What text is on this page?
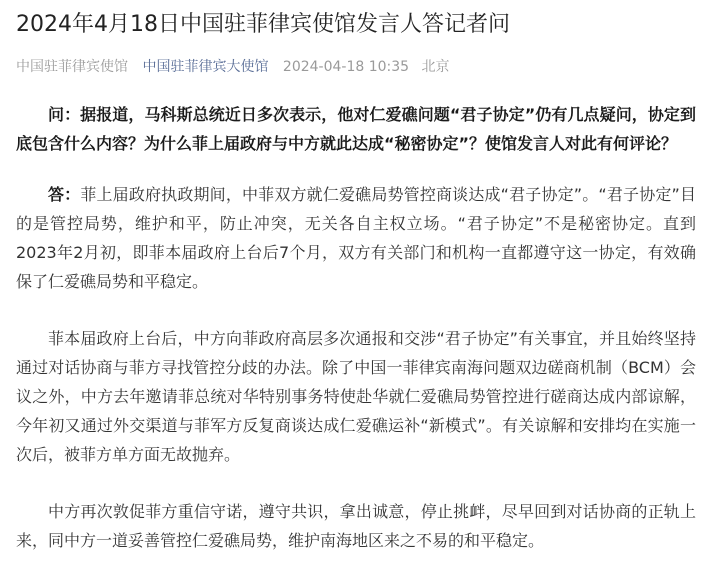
2024年4月18日中国驻菲律宾使馆发言人答记者问
中国驻菲律宾使馆 中国驻菲律宾大使馆 2024-04-18 10:35 北京

问：据报道，马科斯总统近日多次表示，他对仁爱礁问题“君子协定”仍有几点疑问，协定到底包含什么内容？为什么菲上届政府与中方就此达成“秘密协定”？使馆发言人对此有何评论？

答：菲上届政府执政期间，中菲双方就仁爱礁局势管控商谈达成“君子协定”。“君子协定”目的是管控局势，维护和平，防止冲突，无关各自主权立场。“君子协定”不是秘密协定。直到2023年2月初，即菲本届政府上台后7个月，双方有关部门和机构一直都遵守这一协定，有效确保了仁爱礁局势和平稳定。

菲本届政府上台后，中方向菲政府高层多次通报和交涉“君子协定”有关事宜，并且始终坚持通过对话协商与菲方寻找管控分歧的办法。除了中国一菲律宾南海问题双边磋商机制（BCM）会议之外，中方去年邀请菲总统对华特别事务特使赴华就仁爱礁局势管控进行磋商达成内部谅解，今年初又通过外交渠道与菲军方反复商谈达成仁爱礁运补“新模式”。有关谅解和安排均在实施一次后，被菲方单方面无故抛弃。

中方再次敦促菲方重信守诺，遵守共识，拿出诚意，停止挑衅，尽早回到对话协商的正轨上来，同中方一道妥善管控仁爱礁局势，维护南海地区来之不易的和平稳定。
